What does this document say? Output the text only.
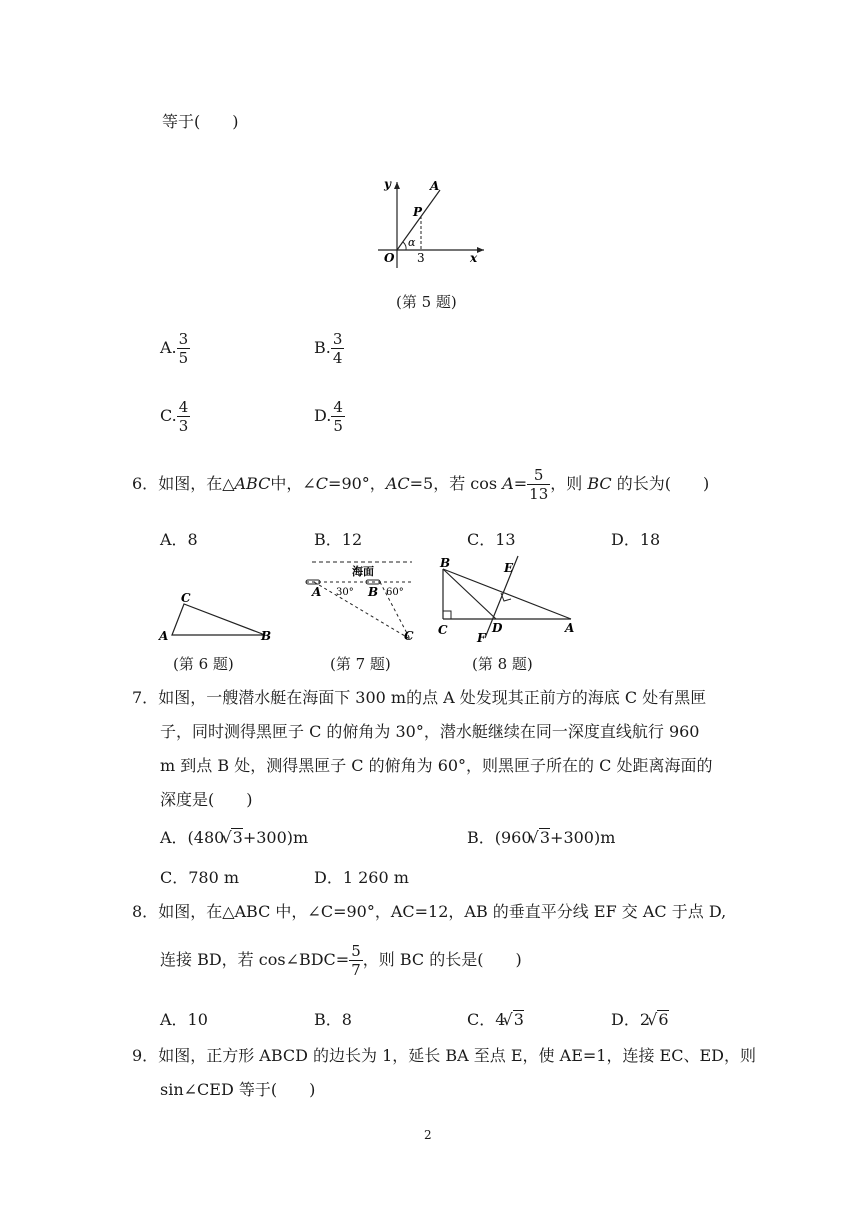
等于(　　)
y	A
P
α
O 3	x
(第 5 题)
A. $\frac{3}{5}$	B. $\frac{3}{4}$
C. $\frac{4}{3}$	D. $\frac{4}{5}$
6．如图，在△ABC中，∠C=90°，AC=5，若 $\cos A= \frac{5}{13}$ ，则 BC 的长为(　　)
A．8	B．12	C．13	D．18
C
A	B
(第 6 题)
海面
A 30° B 60°
C
(第 7 题)
B	E
C
F
D	A
(第 8 题)
7．如图，一艘潜水艇在海面下 300 m的点 A 处发现其正前方的海底 C 处有黑匣
子，同时测得黑匣子 C 的俯角为 30°，潜水艇继续在同一深度直线航行 960
m 到点 B 处，测得黑匣子 C 的俯角为 60°，则黑匣子所在的 C 处距离海面的
深度是(　　)
A．(480 √ 3+300)m	B．(960 √ 3+300)m
C．780 m	D．1 260 m
8．如图，在△ABC 中，∠C=90°，AC=12，AB 的垂直平分线 EF 交 AC 于点 D,
连接 BD，若 cos∠BDC= $\frac{5}{7}$ ，则 BC 的长是(　　)
A．10	B．8	C．4 √ 3	D．2 √ 6
9．如图，正方形 ABCD 的边长为 1，延长 BA 至点 E，使 AE=1，连接 EC、ED，则
sin∠CED 等于(　　)
2
